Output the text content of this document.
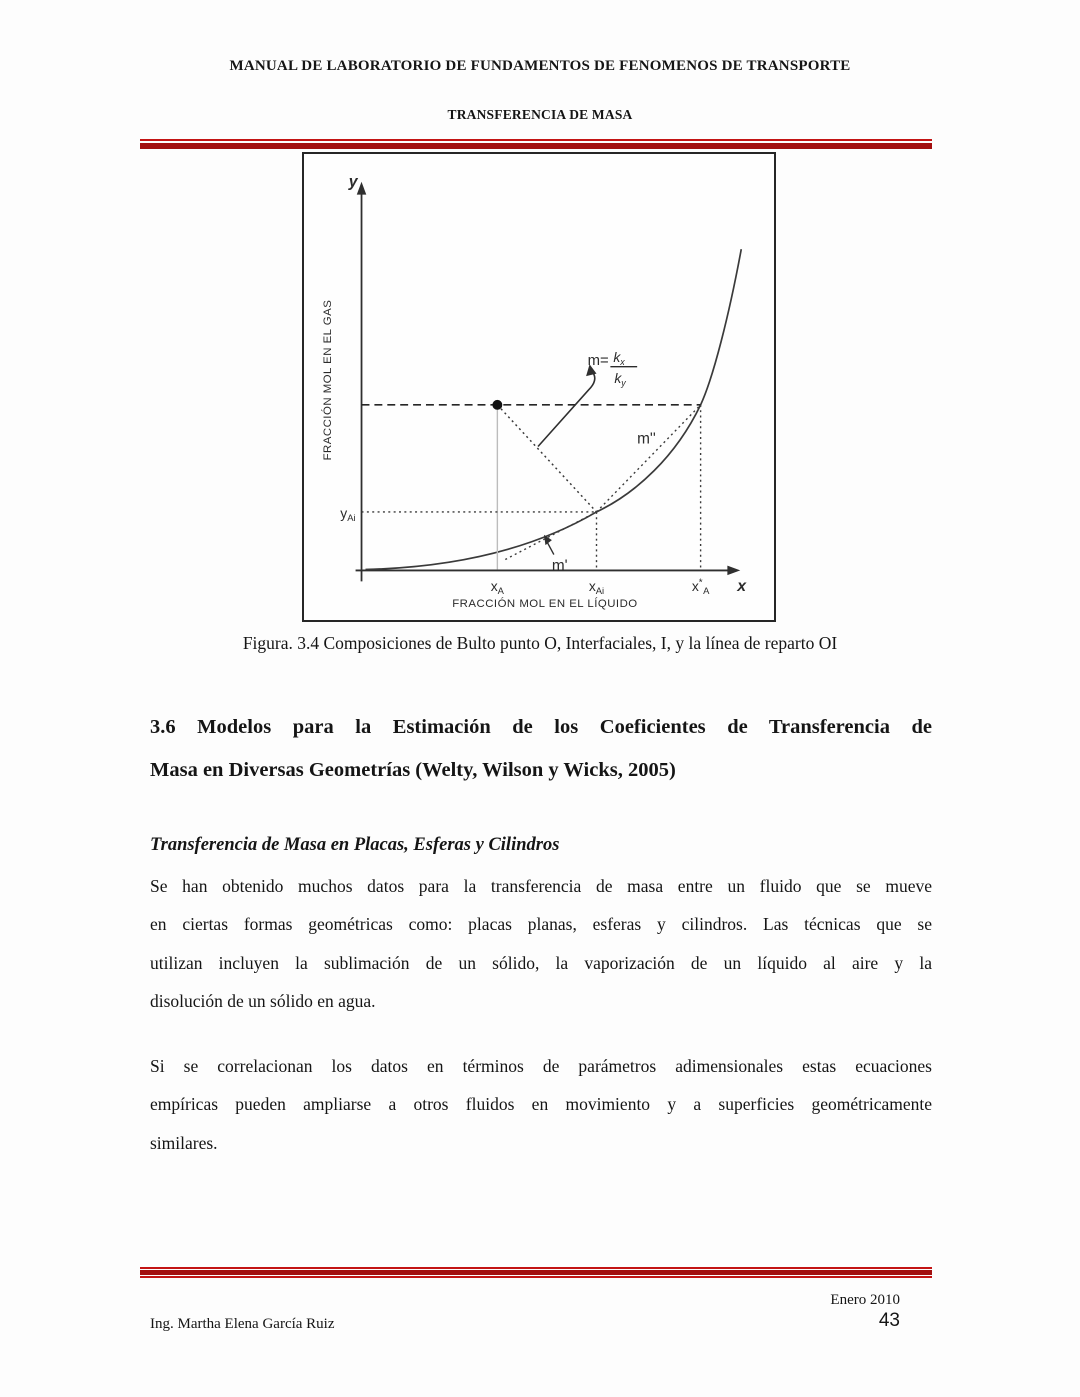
MANUAL DE LABORATORIO DE FUNDAMENTOS DE FENOMENOS DE TRANSPORTE
TRANSFERENCIA DE MASA
y
x
FRACCIÓN MOL EN EL GAS
FRACCIÓN MOL EN EL LÍQUIDO
$y_{Ai}$
$x_A$	$x_{Ai}$	$x^*_A$
m''
m'
m= kx
ky
Figura. 3.4 Composiciones de Bulto punto O, Interfaciales, I, y la línea de reparto OI
3.6 Modelos para la Estimación de los Coeficientes de Transferencia de
Masa en Diversas Geometrías (Welty, Wilson y Wicks, 2005)
Transferencia de Masa en Placas, Esferas y Cilindros
Se han obtenido muchos datos para la transferencia de masa entre un fluido que se mueve
en ciertas formas geométricas como: placas planas, esferas y cilindros. Las técnicas que se
utilizan incluyen la sublimación de un sólido, la vaporización de un líquido al aire y la
disolución de un sólido en agua.
Si se correlacionan los datos en términos de parámetros adimensionales estas ecuaciones
empíricas pueden ampliarse a otros fluidos en movimiento y a superficies geométricamente
similares.
Enero 2010
Ing. Martha Elena García Ruiz	43
